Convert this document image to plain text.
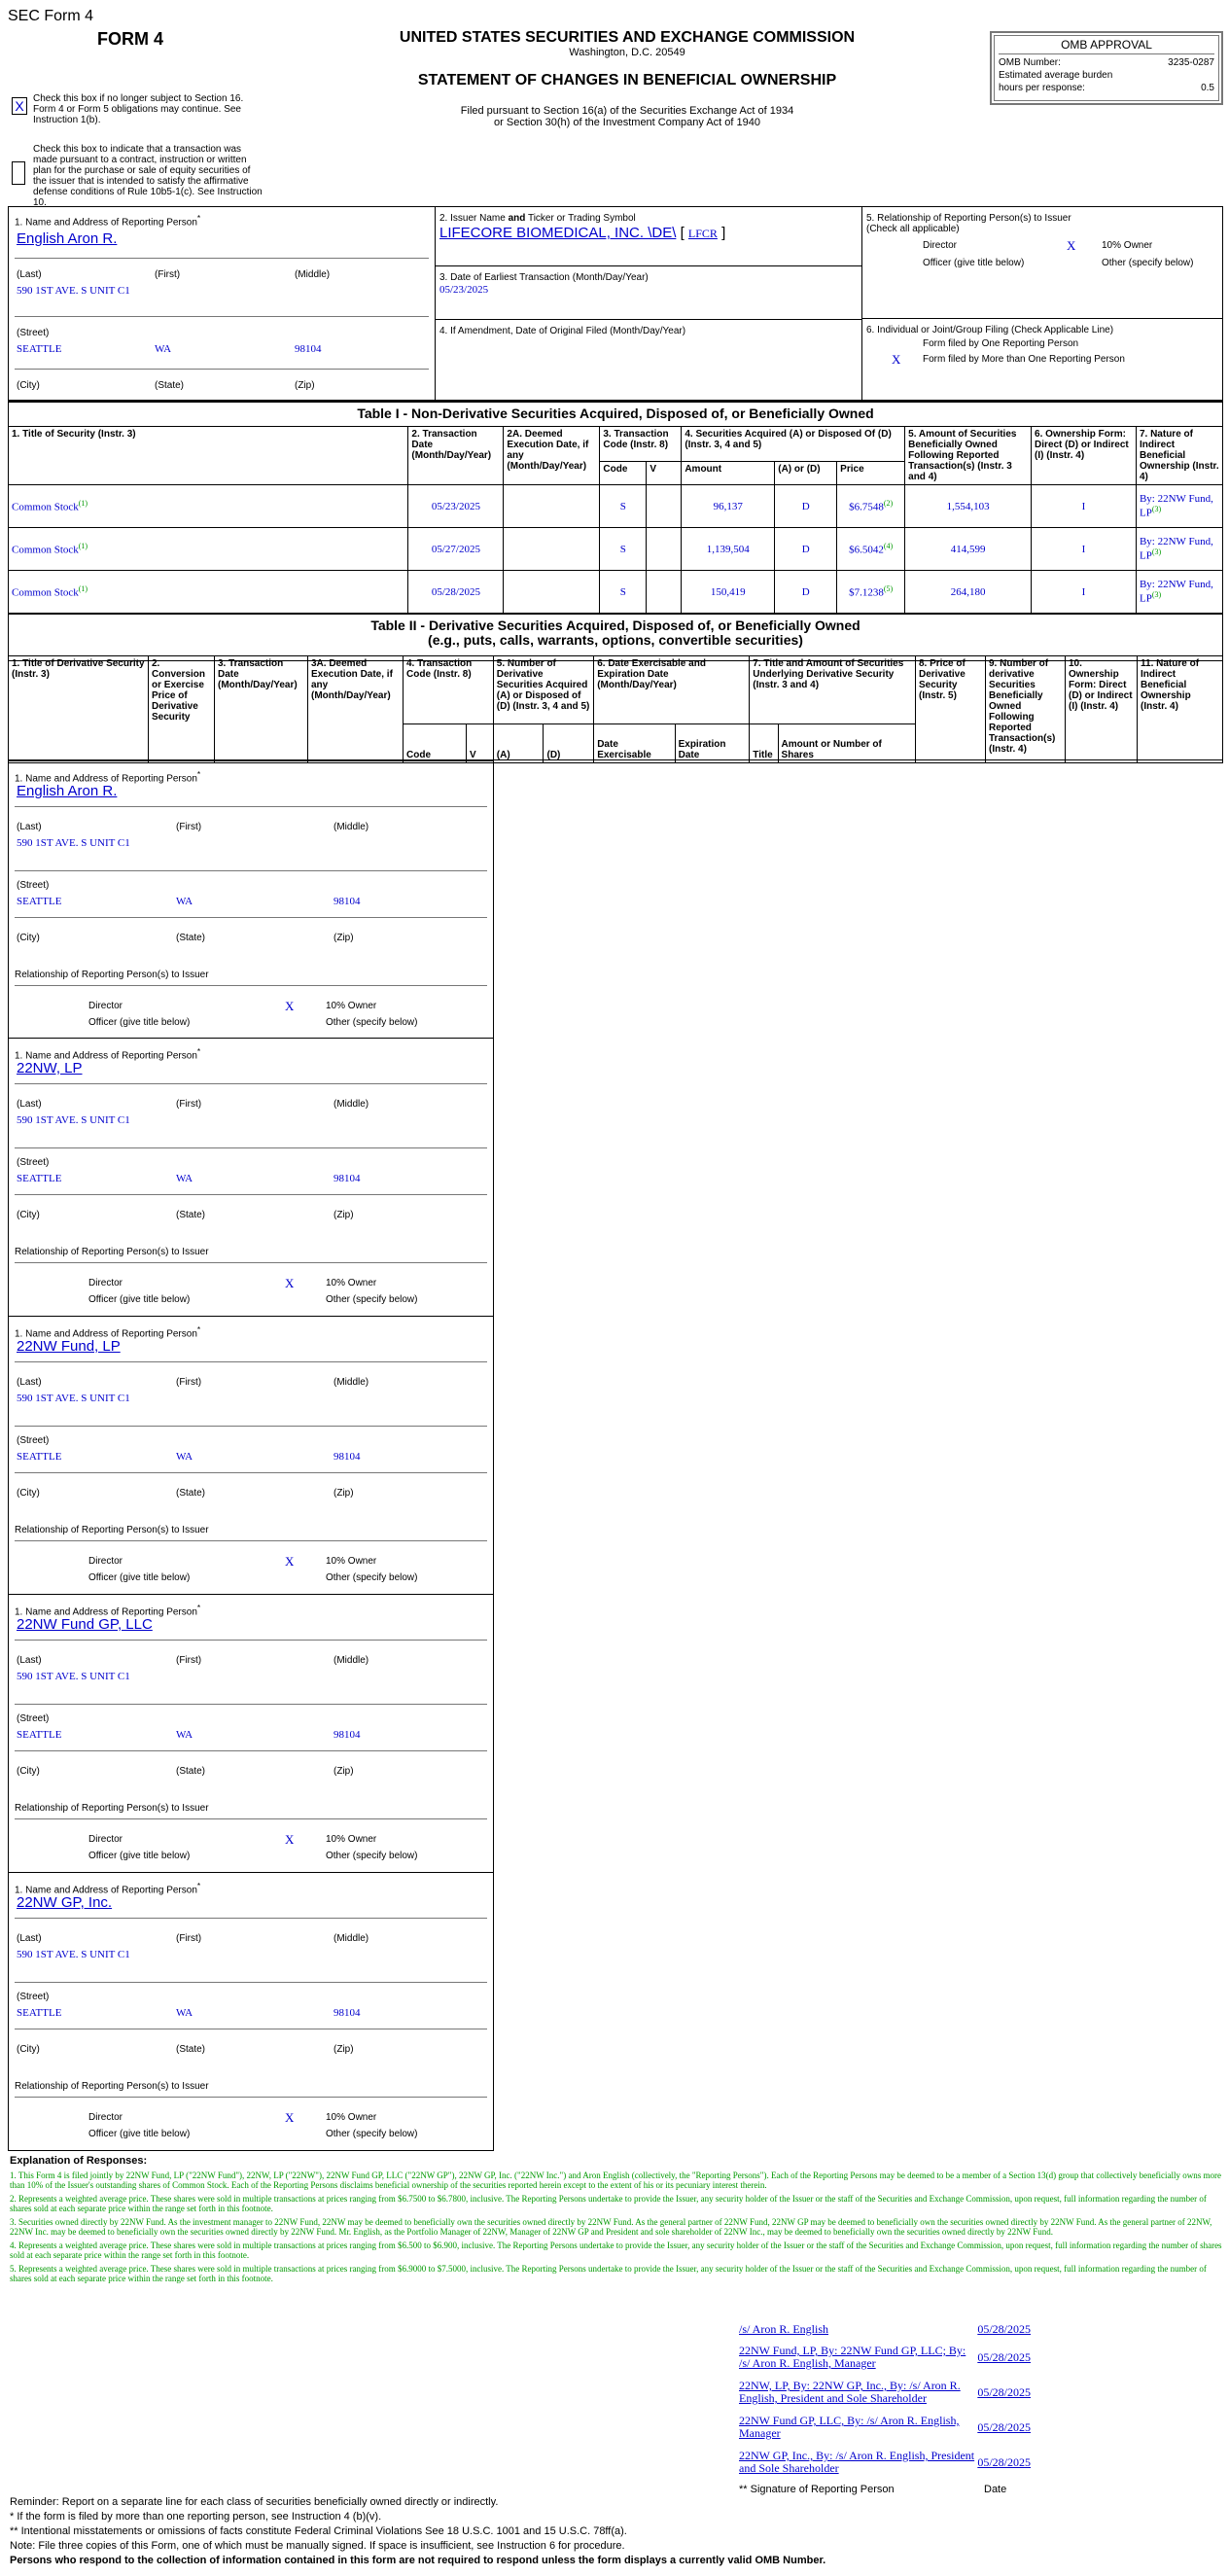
SEC Form 4
FORM 4	UNITED STATES SECURITIES AND EXCHANGE COMMISSION
Washington, D.C. 20549
STATEMENT OF CHANGES IN BENEFICIAL OWNERSHIP
Filed pursuant to Section 16(a) of the Securities Exchange Act of 1934
or Section 30(h) of the Investment Company Act of 1940
OMB APPROVAL
OMB Number:	3235-0287
Estimated average burden
hours per response:	0.5
X Check this box if no longer subject to Section 16. Form 4 or Form 5 obligations may continue. See Instruction 1(b).
Check this box to indicate that a transaction was made pursuant to a contract, instruction or written plan for the purchase or sale of equity securities of the issuer that is intended to satisfy the affirmative defense conditions of Rule 10b5-1(c). See Instruction 10.
1. Name and Address of Reporting Person*
English Aron R.
(Last)	(First)	(Middle)
590 1ST AVE. S UNIT C1
(Street)
SEATTLE	WA	98104
(City)	(State)	(Zip)
2. Issuer Name and Ticker or Trading Symbol
LIFECORE BIOMEDICAL, INC. \DE\ [ LFCR ]
3. Date of Earliest Transaction (Month/Day/Year)
05/23/2025
4. If Amendment, Date of Original Filed (Month/Day/Year)
5. Relationship of Reporting Person(s) to Issuer
(Check all applicable)
Director	X	10% Owner
Officer (give title below)	Other (specify below)
6. Individual or Joint/Group Filing (Check Applicable Line)
Form filed by One Reporting Person
X Form filed by More than One Reporting Person
Table I - Non-Derivative Securities Acquired, Disposed of, or Beneficially Owned
1. Title of Security (Instr. 3)	2. Transaction Date (Month/Day/Year)	2A. Deemed Execution Date, if any (Month/Day/Year)	3. Transaction Code (Instr. 8)		4. Securities Acquired (A) or Disposed Of (D) (Instr. 3, 4 and 5)			5. Amount of Securities Beneficially Owned Following Reported Transaction(s) (Instr. 3 and 4)	6. Ownership Form: Direct (D) or Indirect (I) (Instr. 4)	7. Nature of Indirect Beneficial Ownership (Instr. 4)
			Code	V	Amount	(A) or (D)	Price			
Common Stock$^{(1)}$	05/23/2025		S		96,137	D	$6.7548$^{(2)}$	1,554,103	I	By: 22NW Fund, LP$^{(3)}$
Common Stock$^{(1)}$	05/27/2025		S		1,139,504	D	$6.5042$^{(4)}$	414,599	I	By: 22NW Fund, LP$^{(3)}$
Common Stock$^{(1)}$	05/28/2025		S		150,419	D	$7.1238$^{(5)}$	264,180	I	By: 22NW Fund, LP$^{(3)}$
Table II - Derivative Securities Acquired, Disposed of, or Beneficially Owned
(e.g., puts, calls, warrants, options, convertible securities)
1. Title of Derivative Security (Instr. 3)	2. Conversion or Exercise Price of Derivative Security	3. Transaction Date (Month/Day/Year)	3A. Deemed Execution Date, if any (Month/Day/Year)	4. Transaction Code (Instr. 8)		5. Number of Derivative Securities Acquired (A) or Disposed of (D) (Instr. 3, 4 and 5)		6. Date Exercisable and Expiration Date (Month/Day/Year)		7. Title and Amount of Securities Underlying Derivative Security (Instr. 3 and 4)		8. Price of Derivative Security (Instr. 5)	9. Number of derivative Securities Beneficially Owned Following Reported Transaction(s) (Instr. 4)	10. Ownership Form: Direct (D) or Indirect (I) (Instr. 4)	11. Nature of Indirect Beneficial Ownership (Instr. 4)
				Code	V	(A)	(D)	Date Exercisable	Expiration Date	Title	Amount or Number of Shares				
1. Name and Address of Reporting Person*
English Aron R.
(Last)	(First)	(Middle)
590 1ST AVE. S UNIT C1
(Street)
SEATTLE	WA	98104
(City)	(State)	(Zip)
Relationship of Reporting Person(s) to Issuer
Director	X	10% Owner
Officer (give title below)	Other (specify below)
1. Name and Address of Reporting Person*
22NW, LP
(Last)	(First)	(Middle)
590 1ST AVE. S UNIT C1
(Street)
SEATTLE	WA	98104
(City)	(State)	(Zip)
Relationship of Reporting Person(s) to Issuer
Director	X	10% Owner
Officer (give title below)	Other (specify below)
1. Name and Address of Reporting Person*
22NW Fund, LP
(Last)	(First)	(Middle)
590 1ST AVE. S UNIT C1
(Street)
SEATTLE	WA	98104
(City)	(State)	(Zip)
Relationship of Reporting Person(s) to Issuer
Director	X	10% Owner
Officer (give title below)	Other (specify below)
1. Name and Address of Reporting Person*
22NW Fund GP, LLC
(Last)	(First)	(Middle)
590 1ST AVE. S UNIT C1
(Street)
SEATTLE	WA	98104
(City)	(State)	(Zip)
Relationship of Reporting Person(s) to Issuer
Director	X	10% Owner
Officer (give title below)	Other (specify below)
1. Name and Address of Reporting Person*
22NW GP, Inc.
(Last)	(First)	(Middle)
590 1ST AVE. S UNIT C1
(Street)
SEATTLE	WA	98104
(City)	(State)	(Zip)
Relationship of Reporting Person(s) to Issuer
Director	X	10% Owner
Officer (give title below)	Other (specify below)
Explanation of Responses:
1. This Form 4 is filed jointly by 22NW Fund, LP ("22NW Fund"), 22NW, LP ("22NW"), 22NW Fund GP, LLC ("22NW GP"), 22NW GP, Inc. ("22NW Inc.") and Aron English (collectively, the "Reporting Persons"). Each of the Reporting Persons may be deemed to be a member of a Section 13(d) group that collectively beneficially owns more than 10% of the Issuer's outstanding shares of Common Stock. Each of the Reporting Persons disclaims beneficial ownership of the securities reported herein except to the extent of his or its pecuniary interest therein.
2. Represents a weighted average price. These shares were sold in multiple transactions at prices ranging from $6.7500 to $6.7800, inclusive. The Reporting Persons undertake to provide the Issuer, any security holder of the Issuer or the staff of the Securities and Exchange Commission, upon request, full information regarding the number of shares sold at each separate price within the range set forth in this footnote.
3. Securities owned directly by 22NW Fund. As the investment manager to 22NW Fund, 22NW may be deemed to beneficially own the securities owned directly by 22NW Fund. As the general partner of 22NW Fund, 22NW GP may be deemed to beneficially own the securities owned directly by 22NW Fund. As the general partner of 22NW, 22NW Inc. may be deemed to beneficially own the securities owned directly by 22NW Fund. Mr. English, as the Portfolio Manager of 22NW, Manager of 22NW GP and President and sole shareholder of 22NW Inc., may be deemed to beneficially own the securities owned directly by 22NW Fund.
4. Represents a weighted average price. These shares were sold in multiple transactions at prices ranging from $6.500 to $6.900, inclusive. The Reporting Persons undertake to provide the Issuer, any security holder of the Issuer or the staff of the Securities and Exchange Commission, upon request, full information regarding the number of shares sold at each separate price within the range set forth in this footnote.
5. Represents a weighted average price. These shares were sold in multiple transactions at prices ranging from $6.9000 to $7.5000, inclusive. The Reporting Persons undertake to provide the Issuer, any security holder of the Issuer or the staff of the Securities and Exchange Commission, upon request, full information regarding the number of shares sold at each separate price within the range set forth in this footnote.
/s/ Aron R. English	05/28/2025
22NW Fund, LP, By: 22NW Fund GP, LLC; By: /s/ Aron R. English, Manager	05/28/2025
22NW, LP, By: 22NW GP, Inc., By: /s/ Aron R. English, President and Sole Shareholder	05/28/2025
22NW Fund GP, LLC, By: /s/ Aron R. English, Manager	05/28/2025
22NW GP, Inc., By: /s/ Aron R. English, President and Sole Shareholder	05/28/2025
** Signature of Reporting Person	Date
Reminder: Report on a separate line for each class of securities beneficially owned directly or indirectly.
* If the form is filed by more than one reporting person, see Instruction 4 (b)(v).
** Intentional misstatements or omissions of facts constitute Federal Criminal Violations See 18 U.S.C. 1001 and 15 U.S.C. 78ff(a).
Note: File three copies of this Form, one of which must be manually signed. If space is insufficient, see Instruction 6 for procedure.
Persons who respond to the collection of information contained in this form are not required to respond unless the form displays a currently valid OMB Number.
